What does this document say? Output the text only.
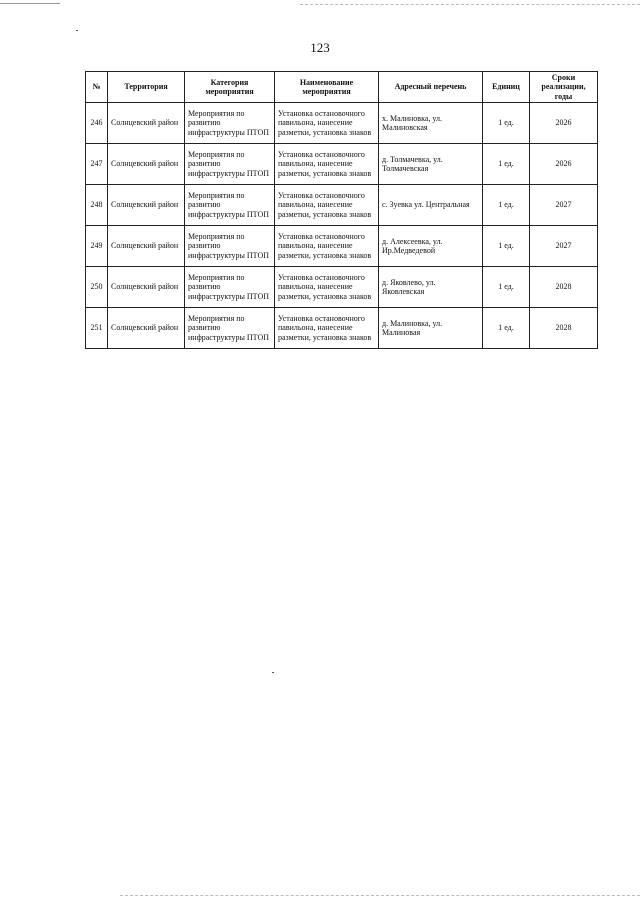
123
№	Территория	Категория мероприятия	Наименование мероприятия	Адресный перечень	Единиц	Сроки реализации, годы
246	Солнцевский район	Мероприятия по развитию инфраструктуры ПТОП	Установка остановочного павильона, нанесение разметки, установка знаков	х. Малиновка, ул. Малиновская	1 ед.	2026
247	Солнцевский район	Мероприятия по развитию инфраструктуры ПТОП	Установка остановочного павильона, нанесение разметки, установка знаков	д. Толмачевка, ул. Толмачевская	1 ед.	2026
248	Солнцевский район	Мероприятия по развитию инфраструктуры ПТОП	Установка остановочного павильона, нанесение разметки, установка знаков	с. Зуевка ул. Центральная	1 ед.	2027
249	Солнцевский район	Мероприятия по развитию инфраструктуры ПТОП	Установка остановочного павильона, нанесение разметки, установка знаков	д. Алексеевка, ул. Ир.Медведевой	1 ед.	2027
250	Солнцевский район	Мероприятия по развитию инфраструктуры ПТОП	Установка остановочного павильона, нанесение разметки, установка знаков	д. Яковлево, ул. Яковлевская	1 ед.	2028
251	Солнцевский район	Мероприятия по развитию инфраструктуры ПТОП	Установка остановочного павильона, нанесение разметки, установка знаков	д. Малиновка, ул. Малиновая	1 ед.	2028
